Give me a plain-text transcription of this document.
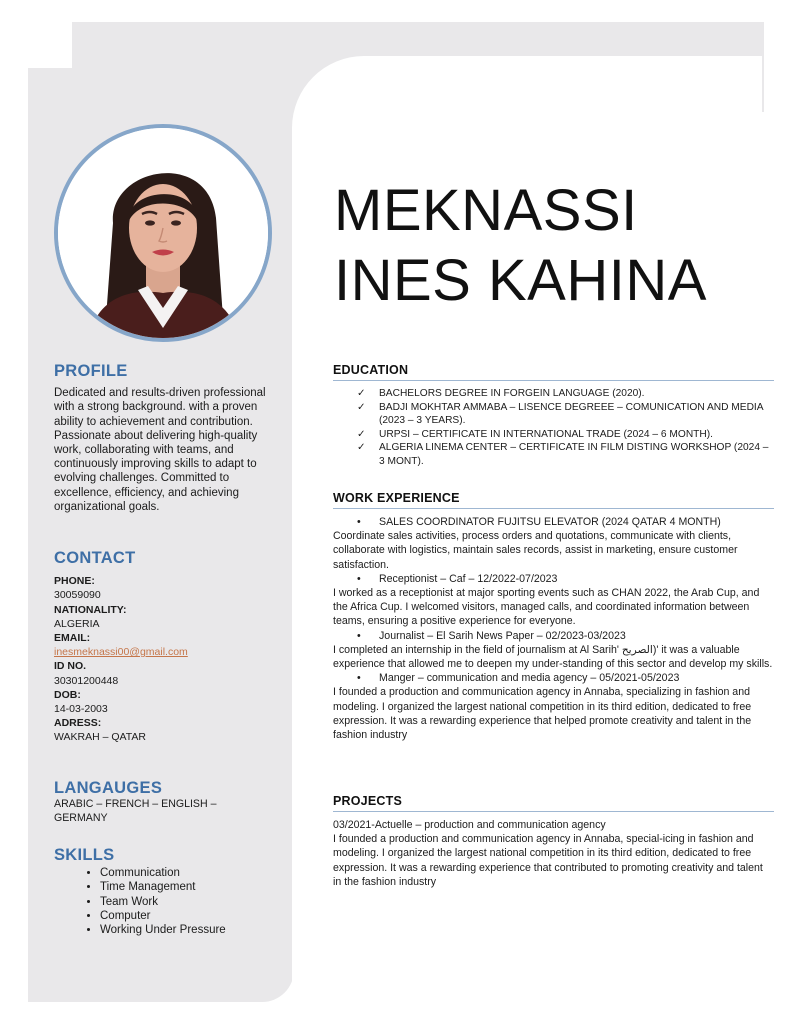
MEKNASSI
INES KAHINA
PROFILE
Dedicated and results-driven professional with a strong background. with a proven ability to achievement and contribution. Passionate about delivering high-quality work, collaborating with teams, and continuously improving skills to adapt to evolving challenges. Committed to excellence, efficiency, and achieving organizational goals.
CONTACT
PHONE:
30059090
NATIONALITY:
ALGERIA
EMAIL:
inesmeknassi00@gmail.com
ID NO.
30301200448
DOB:
14-03-2003
ADRESS:
WAKRAH – QATAR
LANGAUGES
ARABIC – FRENCH – ENGLISH – GERMANY
SKILLS
• Communication
• Time Management
• Team Work
• Computer
• Working Under Pressure
EDUCATION
✓ BACHELORS DEGREE IN FORGEIN LANGUAGE (2020).
✓ BADJI MOKHTAR AMMABA – LISENCE DEGREEE – COMUNICATION AND MEDIA (2023 – 3 YEARS).
✓ URPSI – CERTIFICATE IN INTERNATIONAL TRADE (2024 – 6 MONTH).
✓ ALGERIA LINEMA CENTER – CERTIFICATE IN FILM DISTING WORKSHOP (2024 – 3 MONT).
WORK EXPERIENCE
• SALES COORDINATOR FUJITSU ELEVATOR (2024 QATAR 4 MONTH)
Coordinate sales activities, process orders and quotations, communicate with clients, collaborate with logistics, maintain sales records, assist in marketing, ensure customer satisfaction.
• Receptionist – Caf – 12/2022-07/2023
I worked as a receptionist at major sporting events such as CHAN 2022, the Arab Cup, and the Africa Cup. I welcomed visitors, managed calls, and coordinated information between teams, ensuring a positive experience for everyone.
• Journalist – El Sarih News Paper – 02/2023-03/2023
I completed an internship in the field of journalism at Al Sarih' الصريح)' it was a valuable experience that allowed me to deepen my under-standing of this sector and develop my skills.
• Manger – communication and media agency – 05/2021-05/2023
I founded a production and communication agency in Annaba, specializing in fashion and modeling. I organized the largest national competition in its third edition, dedicated to free expression. It was a rewarding experience that helped promote creativity and talent in the fashion industry
PROJECTS
03/2021-Actuelle – production and communication agency
I founded a production and communication agency in Annaba, special-icing in fashion and modeling. I organized the largest national competition in its third edition, dedicated to free expression. It was a rewarding experience that contributed to promoting creativity and talent in the fashion industry
